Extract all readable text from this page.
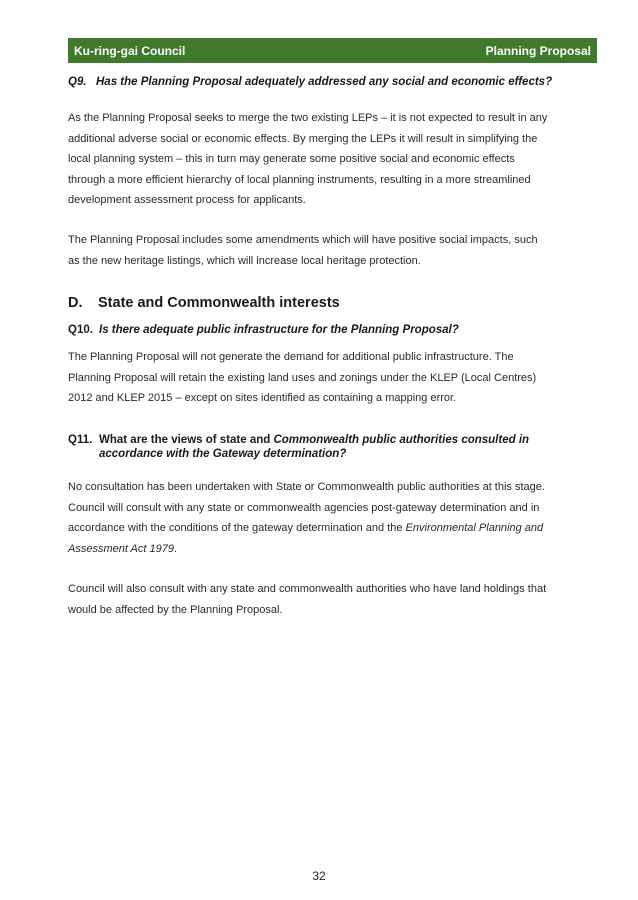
Ku-ring-gai Council	Planning Proposal

Q9. Has the Planning Proposal adequately addressed any social and economic effects?

As the Planning Proposal seeks to merge the two existing LEPs – it is not expected to result in any

additional adverse social or economic effects. By merging the LEPs it will result in simplifying the

local planning system – this in turn may generate some positive social and economic effects

through a more efficient hierarchy of local planning instruments, resulting in a more streamlined

development assessment process for applicants.

The Planning Proposal includes some amendments which will have positive social impacts, such

as the new heritage listings, which will increase local heritage protection.

D. State and Commonwealth interests

Q10. Is there adequate public infrastructure for the Planning Proposal?

The Planning Proposal will not generate the demand for additional public infrastructure. The

Planning Proposal will retain the existing land uses and zonings under the KLEP (Local Centres)

2012 and KLEP 2015 – except on sites identified as containing a mapping error.

Q11. What are the views of state and Commonwealth public authorities consulted in
accordance with the Gateway determination?

No consultation has been undertaken with State or Commonwealth public authorities at this stage.

Council will consult with any state or commonwealth agencies post-gateway determination and in

accordance with the conditions of the gateway determination and the Environmental Planning and

Assessment Act 1979.

Council will also consult with any state and commonwealth authorities who have land holdings that

would be affected by the Planning Proposal.

32
